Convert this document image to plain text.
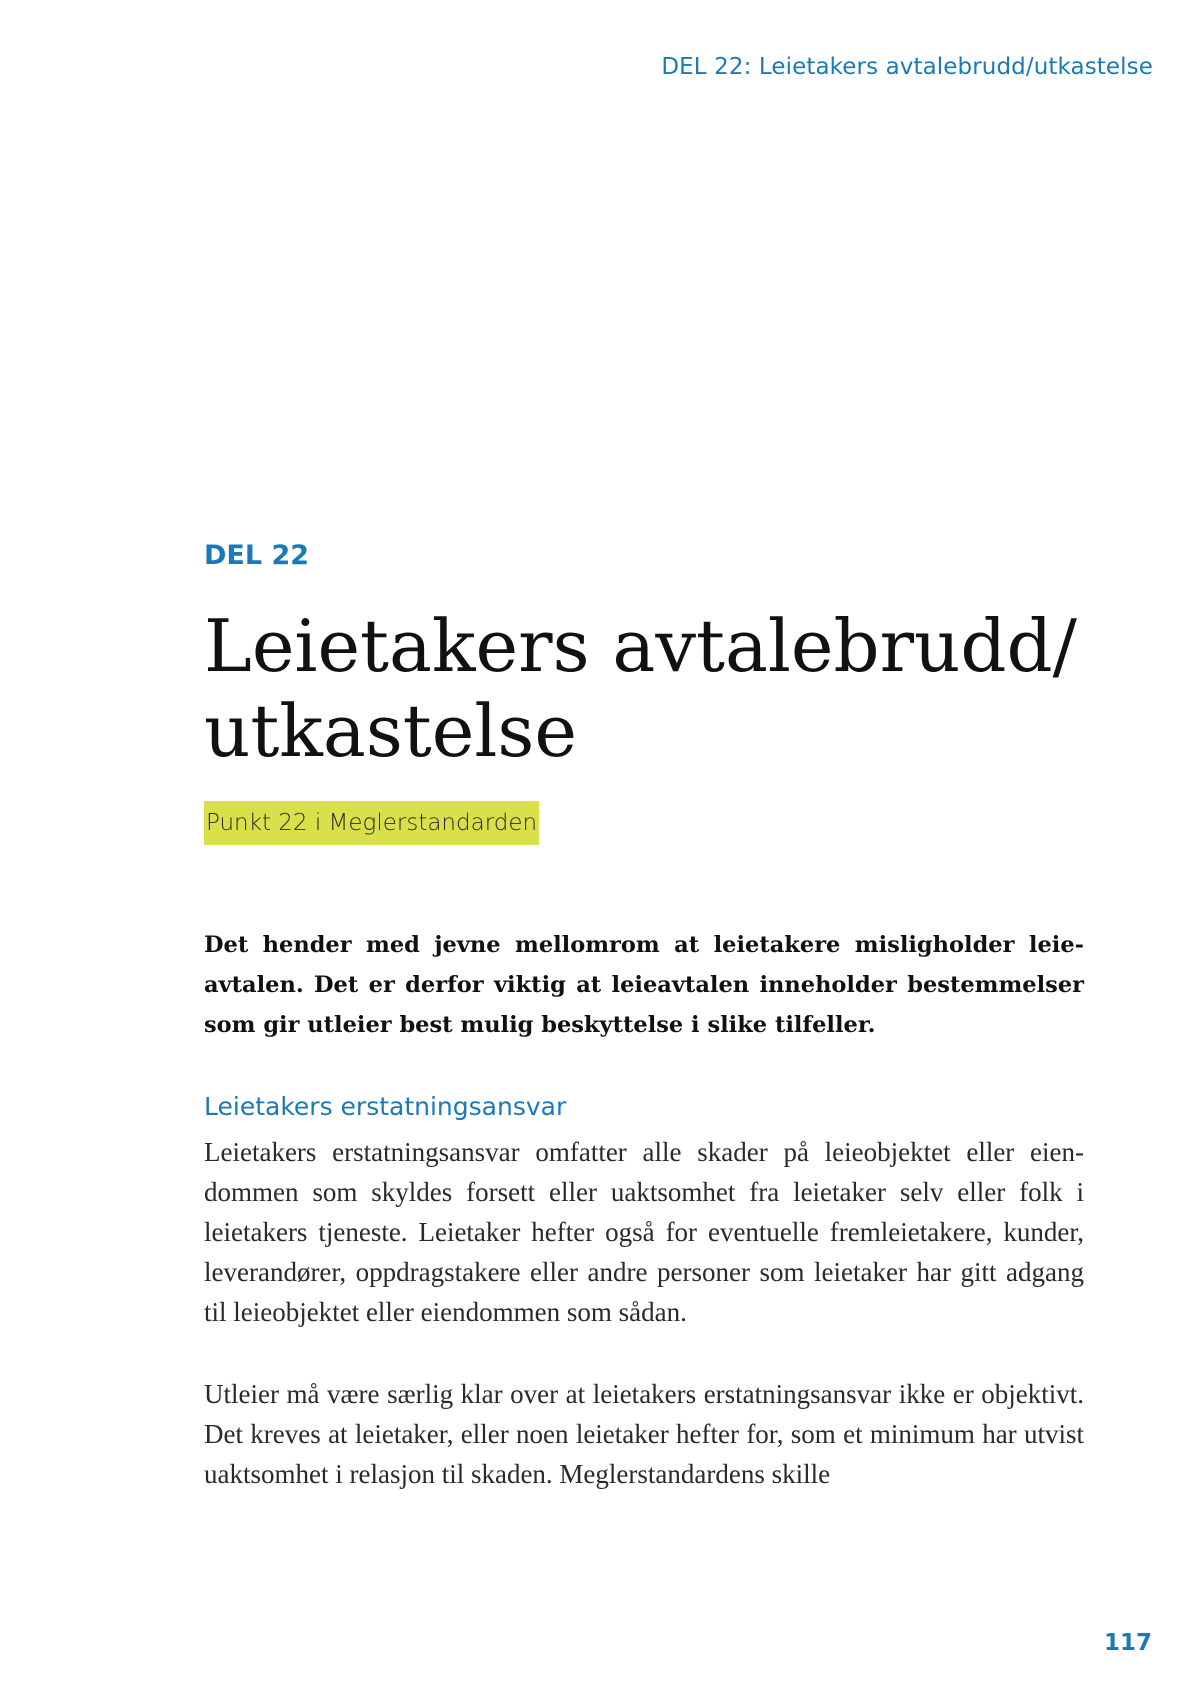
DEL 22: Leietakers avtalebrudd/utkastelse
DEL 22
Leietakers avtalebrudd/
utkastelse
Punkt 22 i Meglerstandarden

Det hender med jevne mellomrom at leietakere misligholder leieavtalen. Det er derfor viktig at leieavtalen inneholder bestemmelser som gir utleier best mulig beskyttelse i slike tilfeller.

Leietakers erstatningsansvar

Leietakers erstatningsansvar omfatter alle skader på leieobjektet eller eiendommen som skyldes forsett eller uaktsomhet fra leietaker selv eller folk i leietakers tjeneste. Leietaker hefter også for eventuelle fremleietakere, kunder, leverandører, oppdragstakere eller andre personer som leietaker har gitt adgang til leieobjektet eller eiendommen som sådan.

Utleier må være særlig klar over at leietakers erstatningsansvar ikke er objektivt. Det kreves at leietaker, eller noen leietaker hefter for, som et minimum har utvist uaktsomhet i relasjon til skaden. Meglerstandardens skille

117
